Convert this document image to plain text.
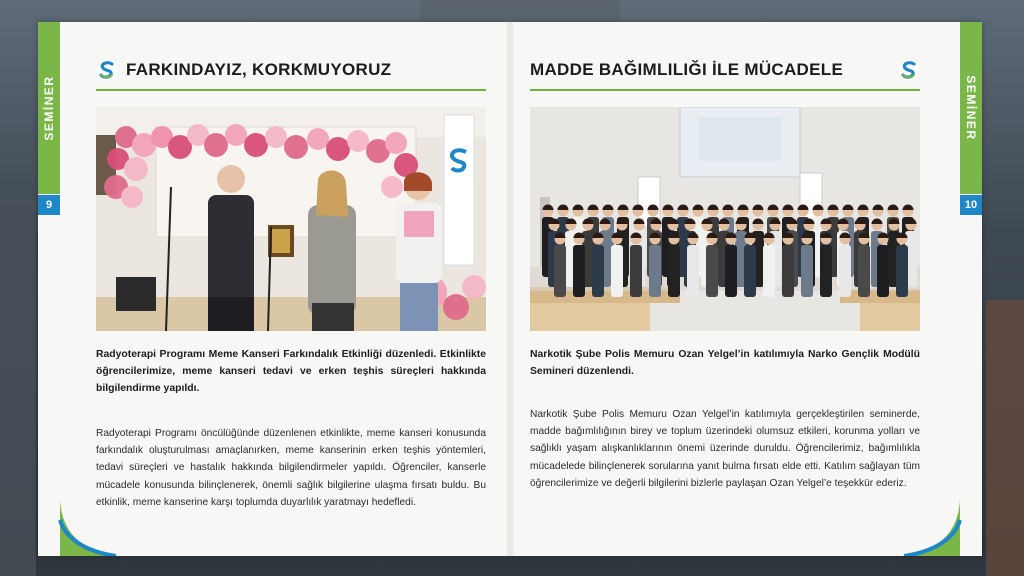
SEMİNER	SEMİNER
9	10
FARKINDAYIZ, KORKMUYORUZ	MADDE BAĞIMLILIĞI İLE MÜCADELE
Radyoterapi Programı Meme Kanseri Farkındalık Etkinliği düzenledi. Etkinlikte öğrencilerimize, meme kanseri tedavi ve erken teşhis süreçleri hakkında bilgilendirme yapıldı.
Radyoterapi Programı öncülüğünde düzenlenen etkinlikte, meme kanseri konusunda farkındalık oluşturulması amaçlanırken, meme kanserinin erken teşhis yöntemleri, tedavi süreçleri ve hastalık hakkında bilgilendirmeler yapıldı. Öğrenciler, kanserle mücadele konusunda bilinçlenerek, önemli sağlık bilgilerine ulaşma fırsatı buldu. Bu etkinlik, meme kanserine karşı toplumda duyarlılık yaratmayı hedefledi.
Narkotik Şube Polis Memuru Ozan Yelgel’in katılımıyla Narko Gençlik Modülü Semineri düzenlendi.
Narkotik Şube Polis Memuru Ozan Yelgel’in katılımıyla gerçekleştirilen seminerde, madde bağımlılığının birey ve toplum üzerindeki olumsuz etkileri, korunma yolları ve sağlıklı yaşam alışkanlıklarının önemi üzerinde duruldu. Öğrencilerimiz, bağımlılıkla mücadelede bilinçlenerek sorularına yanıt bulma fırsatı elde etti. Katılım sağlayan tüm öğrencilerimize ve değerli bilgilerini bizlerle paylaşan Ozan Yelgel’e teşekkür ederiz.
